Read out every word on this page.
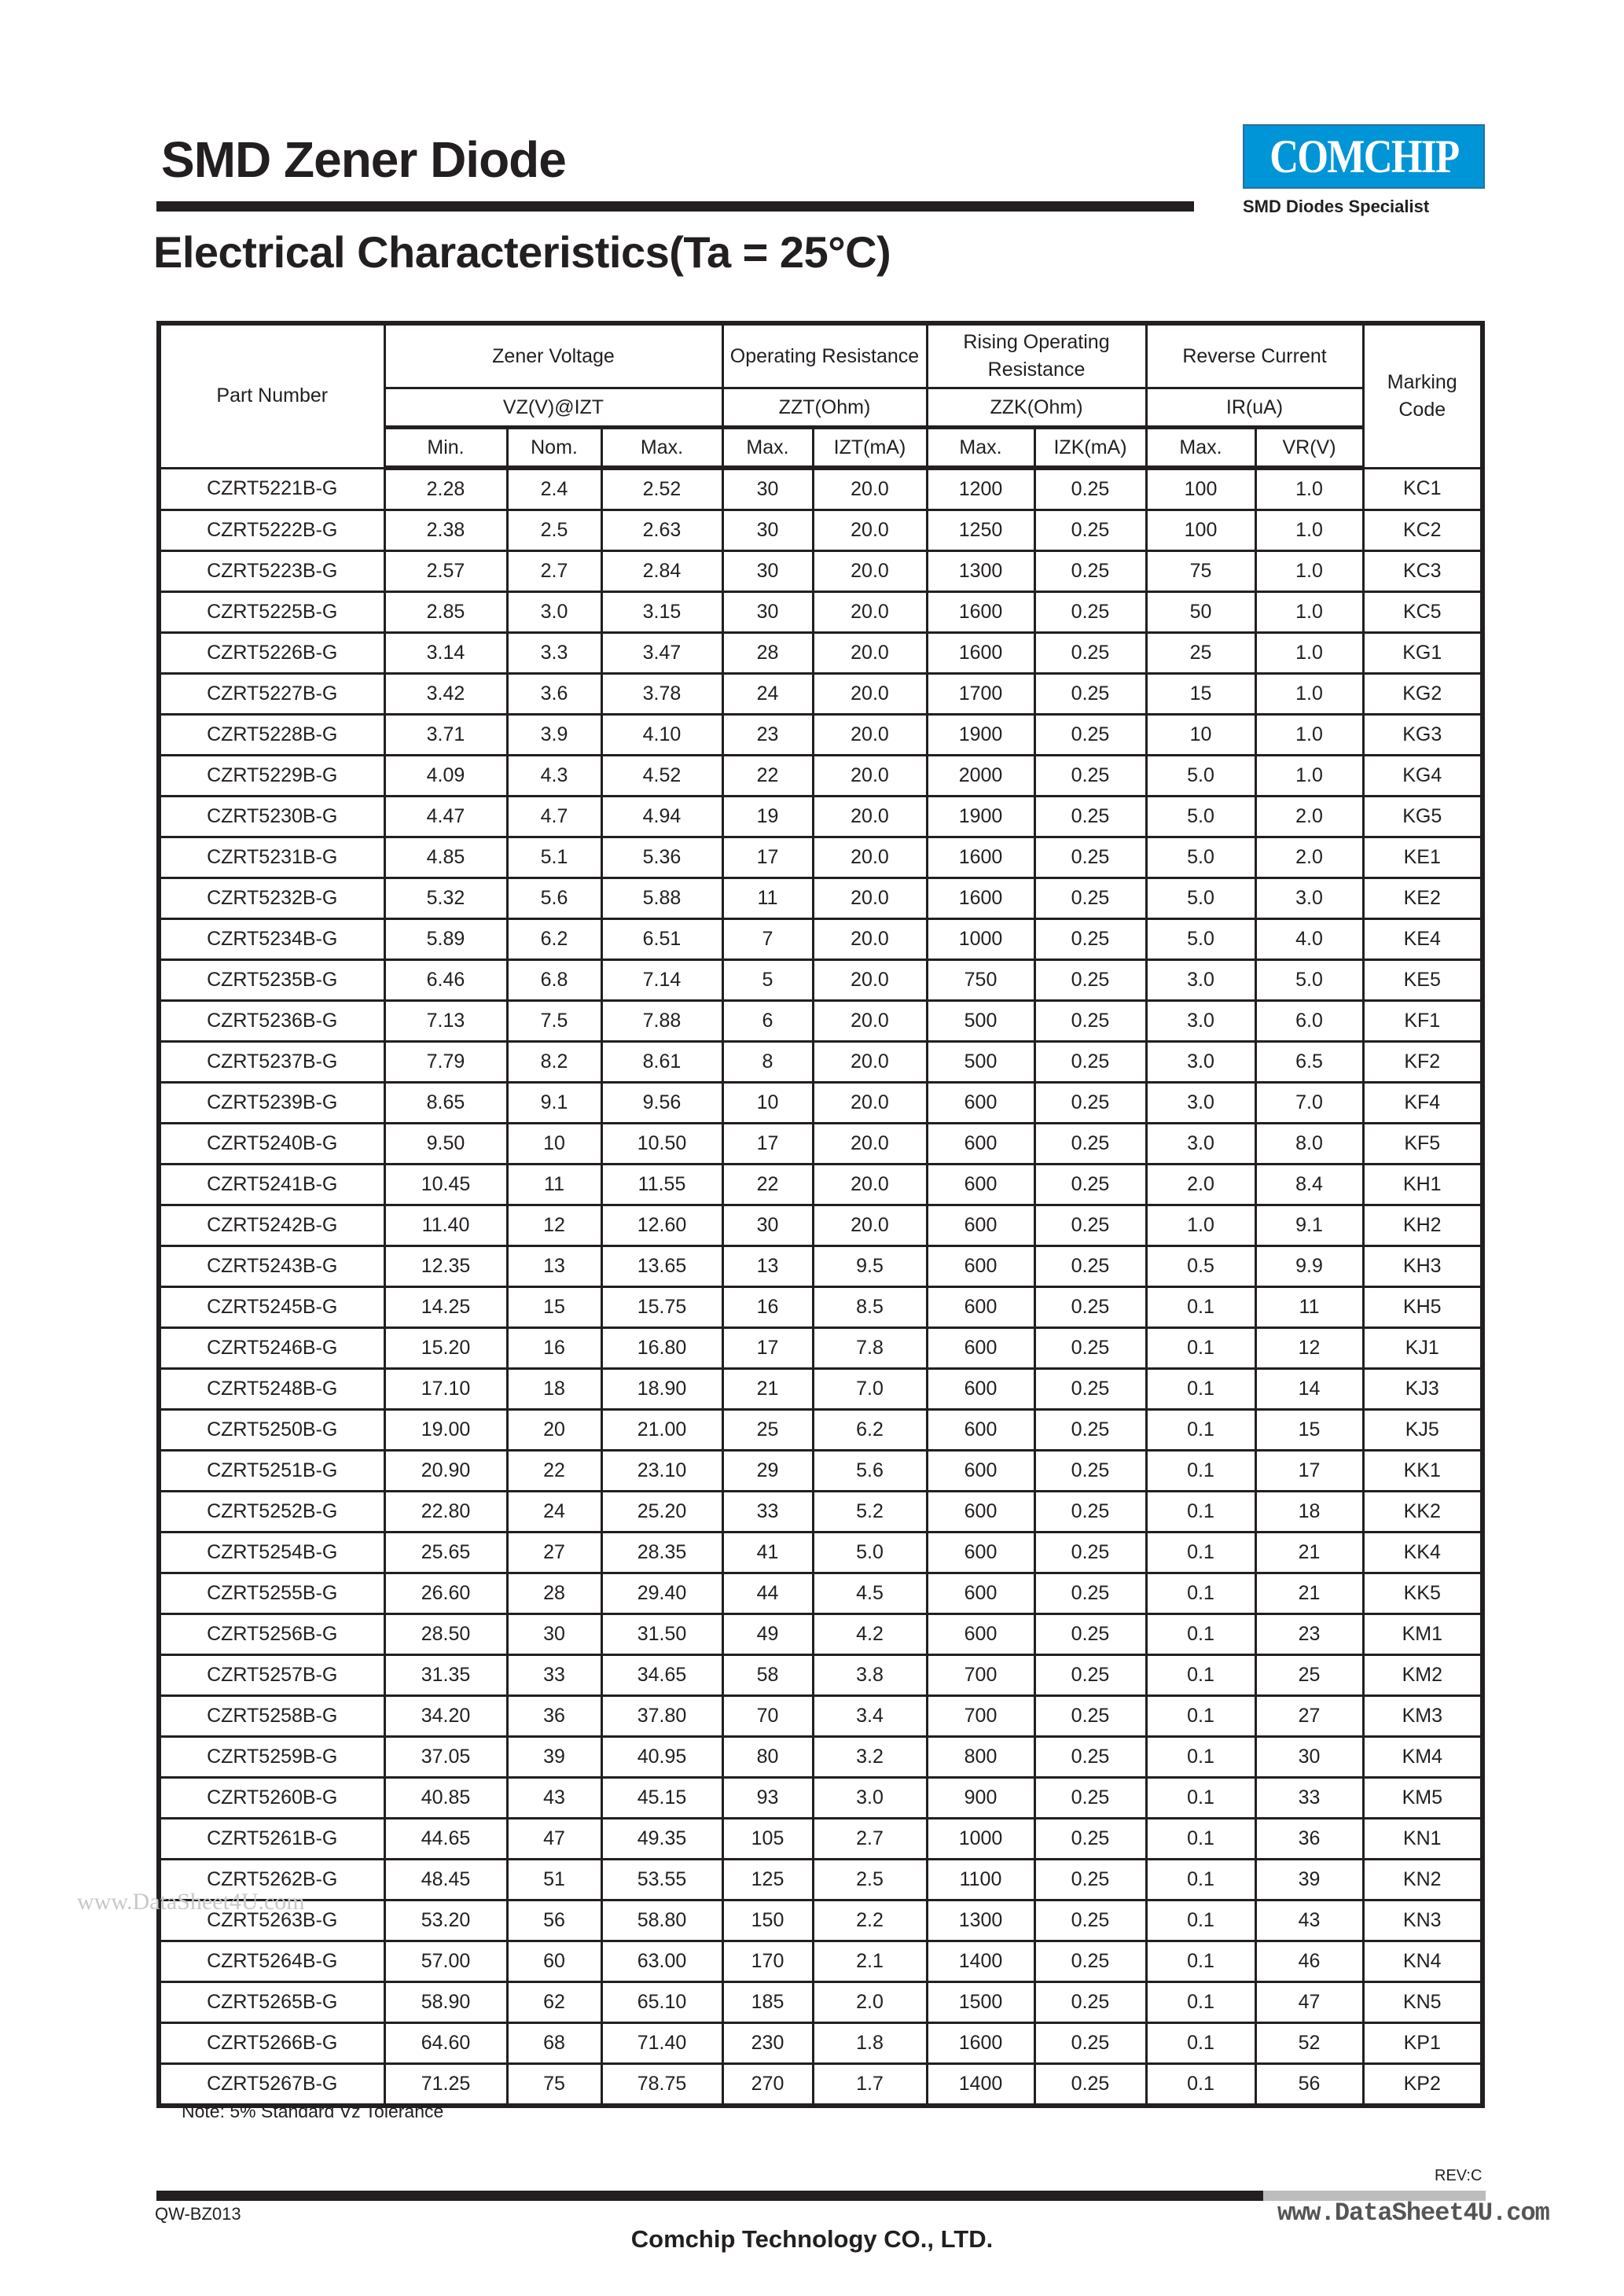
SMD Zener Diode	COMCHIP
SMD Diodes Specialist
Electrical Characteristics(Ta = 25°C)
Part Number	Zener Voltage			Operating Resistance		Rising Operating Resistance		Reverse Current		Marking Code
	VZ(V)@IZT			ZZT(Ohm)		ZZK(Ohm)		IR(uA)		
	Min.	Nom.	Max.	Max.	IZT(mA)	Max.	IZK(mA)	Max.	VR(V)	
CZRT5221B-G	2.28	2.4	2.52	30	20.0	1200	0.25	100	1.0	KC1
CZRT5222B-G	2.38	2.5	2.63	30	20.0	1250	0.25	100	1.0	KC2
CZRT5223B-G	2.57	2.7	2.84	30	20.0	1300	0.25	75	1.0	KC3
CZRT5225B-G	2.85	3.0	3.15	30	20.0	1600	0.25	50	1.0	KC5
CZRT5226B-G	3.14	3.3	3.47	28	20.0	1600	0.25	25	1.0	KG1
CZRT5227B-G	3.42	3.6	3.78	24	20.0	1700	0.25	15	1.0	KG2
CZRT5228B-G	3.71	3.9	4.10	23	20.0	1900	0.25	10	1.0	KG3
CZRT5229B-G	4.09	4.3	4.52	22	20.0	2000	0.25	5.0	1.0	KG4
CZRT5230B-G	4.47	4.7	4.94	19	20.0	1900	0.25	5.0	2.0	KG5
CZRT5231B-G	4.85	5.1	5.36	17	20.0	1600	0.25	5.0	2.0	KE1
CZRT5232B-G	5.32	5.6	5.88	11	20.0	1600	0.25	5.0	3.0	KE2
CZRT5234B-G	5.89	6.2	6.51	7	20.0	1000	0.25	5.0	4.0	KE4
CZRT5235B-G	6.46	6.8	7.14	5	20.0	750	0.25	3.0	5.0	KE5
CZRT5236B-G	7.13	7.5	7.88	6	20.0	500	0.25	3.0	6.0	KF1
CZRT5237B-G	7.79	8.2	8.61	8	20.0	500	0.25	3.0	6.5	KF2
CZRT5239B-G	8.65	9.1	9.56	10	20.0	600	0.25	3.0	7.0	KF4
CZRT5240B-G	9.50	10	10.50	17	20.0	600	0.25	3.0	8.0	KF5
CZRT5241B-G	10.45	11	11.55	22	20.0	600	0.25	2.0	8.4	KH1
CZRT5242B-G	11.40	12	12.60	30	20.0	600	0.25	1.0	9.1	KH2
CZRT5243B-G	12.35	13	13.65	13	9.5	600	0.25	0.5	9.9	KH3
CZRT5245B-G	14.25	15	15.75	16	8.5	600	0.25	0.1	11	KH5
CZRT5246B-G	15.20	16	16.80	17	7.8	600	0.25	0.1	12	KJ1
CZRT5248B-G	17.10	18	18.90	21	7.0	600	0.25	0.1	14	KJ3
CZRT5250B-G	19.00	20	21.00	25	6.2	600	0.25	0.1	15	KJ5
CZRT5251B-G	20.90	22	23.10	29	5.6	600	0.25	0.1	17	KK1
CZRT5252B-G	22.80	24	25.20	33	5.2	600	0.25	0.1	18	KK2
CZRT5254B-G	25.65	27	28.35	41	5.0	600	0.25	0.1	21	KK4
CZRT5255B-G	26.60	28	29.40	44	4.5	600	0.25	0.1	21	KK5
CZRT5256B-G	28.50	30	31.50	49	4.2	600	0.25	0.1	23	KM1
CZRT5257B-G	31.35	33	34.65	58	3.8	700	0.25	0.1	25	KM2
CZRT5258B-G	34.20	36	37.80	70	3.4	700	0.25	0.1	27	KM3
CZRT5259B-G	37.05	39	40.95	80	3.2	800	0.25	0.1	30	KM4
CZRT5260B-G	40.85	43	45.15	93	3.0	900	0.25	0.1	33	KM5
CZRT5261B-G	44.65	47	49.35	105	2.7	1000	0.25	0.1	36	KN1
CZRT5262B-G	48.45	51	53.55	125	2.5	1100	0.25	0.1	39	KN2
CZRT5263B-G	53.20	56	58.80	150	2.2	1300	0.25	0.1	43	KN3
CZRT5264B-G	57.00	60	63.00	170	2.1	1400	0.25	0.1	46	KN4
CZRT5265B-G	58.90	62	65.10	185	2.0	1500	0.25	0.1	47	KN5
CZRT5266B-G	64.60	68	71.40	230	1.8	1600	0.25	0.1	52	KP1
CZRT5267B-G	71.25	75	78.75	270	1.7	1400	0.25	0.1	56	KP2
Note: 5% Standard Vz Tolerance
www.DataSheet4U.com
REV:C
QW-BZ013	www.DataSheet4U.com
Comchip Technology CO., LTD.
